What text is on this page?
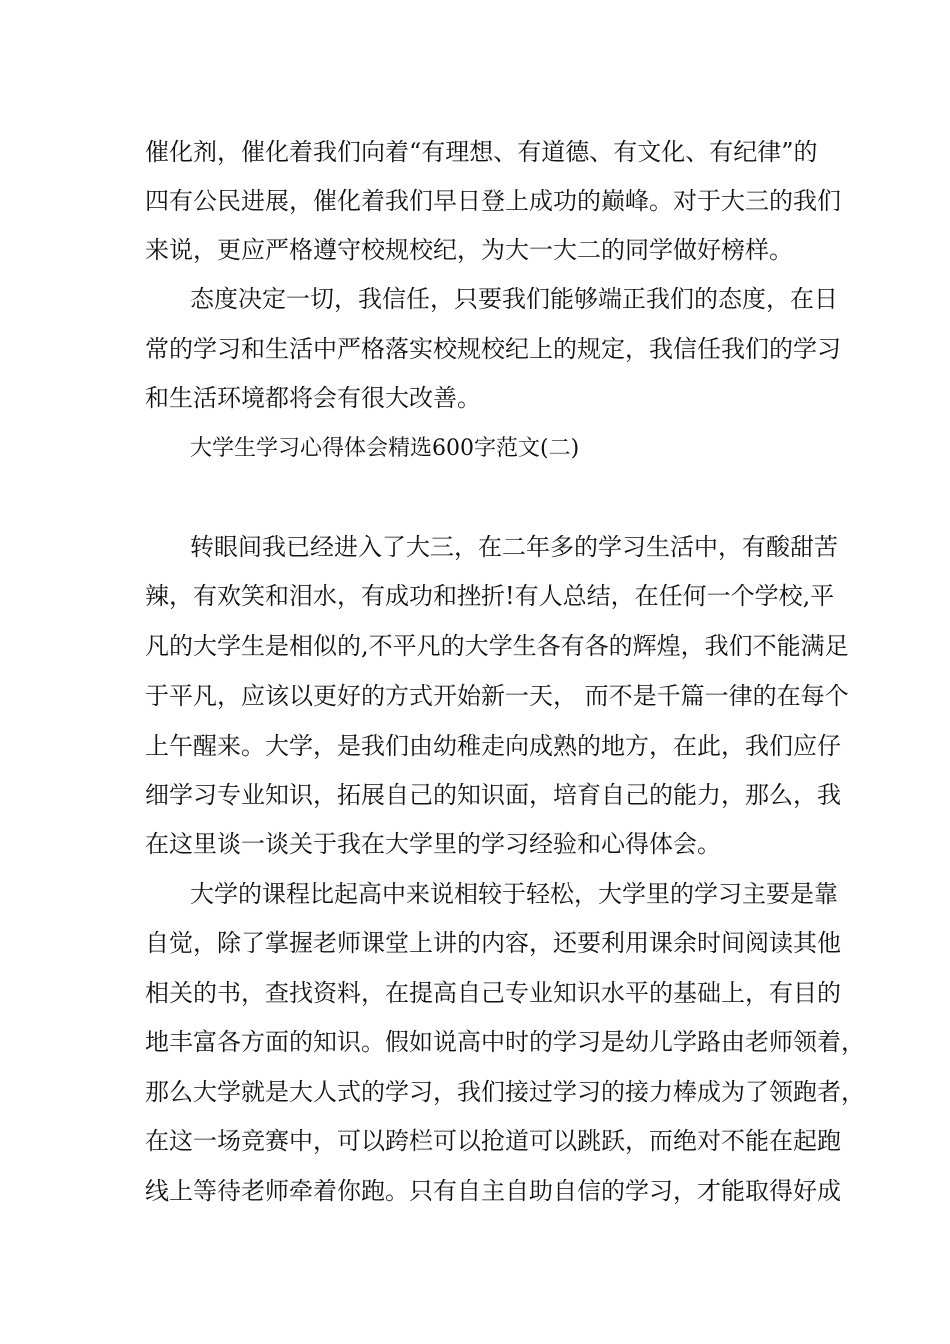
催化剂，催化着我们向着“有理想、有道德、有文化、有纪律”的
四有公民进展，催化着我们早日登上成功的巅峰。对于大三的我们
来说，更应严格遵守校规校纪，为大一大二的同学做好榜样。
态度决定一切，我信任，只要我们能够端正我们的态度，在日
常的学习和生活中严格落实校规校纪上的规定，我信任我们的学习
和生活环境都将会有很大改善。
大学生学习心得体会精选600字范文(二)
转眼间我已经进入了大三，在二年多的学习生活中，有酸甜苦
辣，有欢笑和泪水，有成功和挫折!有人总结，在任何一个学校,平
凡的大学生是相似的,不平凡的大学生各有各的辉煌，我们不能满足
于平凡，应该以更好的方式开始新一天， 而不是千篇一律的在每个
上午醒来。大学，是我们由幼稚走向成熟的地方，在此，我们应仔
细学习专业知识，拓展自己的知识面，培育自己的能力，那么，我
在这里谈一谈关于我在大学里的学习经验和心得体会。
大学的课程比起高中来说相较于轻松，大学里的学习主要是靠
自觉，除了掌握老师课堂上讲的内容，还要利用课余时间阅读其他
相关的书，查找资料，在提高自己专业知识水平的基础上，有目的
地丰富各方面的知识。假如说高中时的学习是幼儿学路由老师领着，
那么大学就是大人式的学习，我们接过学习的接力棒成为了领跑者，
在这一场竞赛中，可以跨栏可以抢道可以跳跃，而绝对不能在起跑
线上等待老师牵着你跑。只有自主自助自信的学习，才能取得好成
